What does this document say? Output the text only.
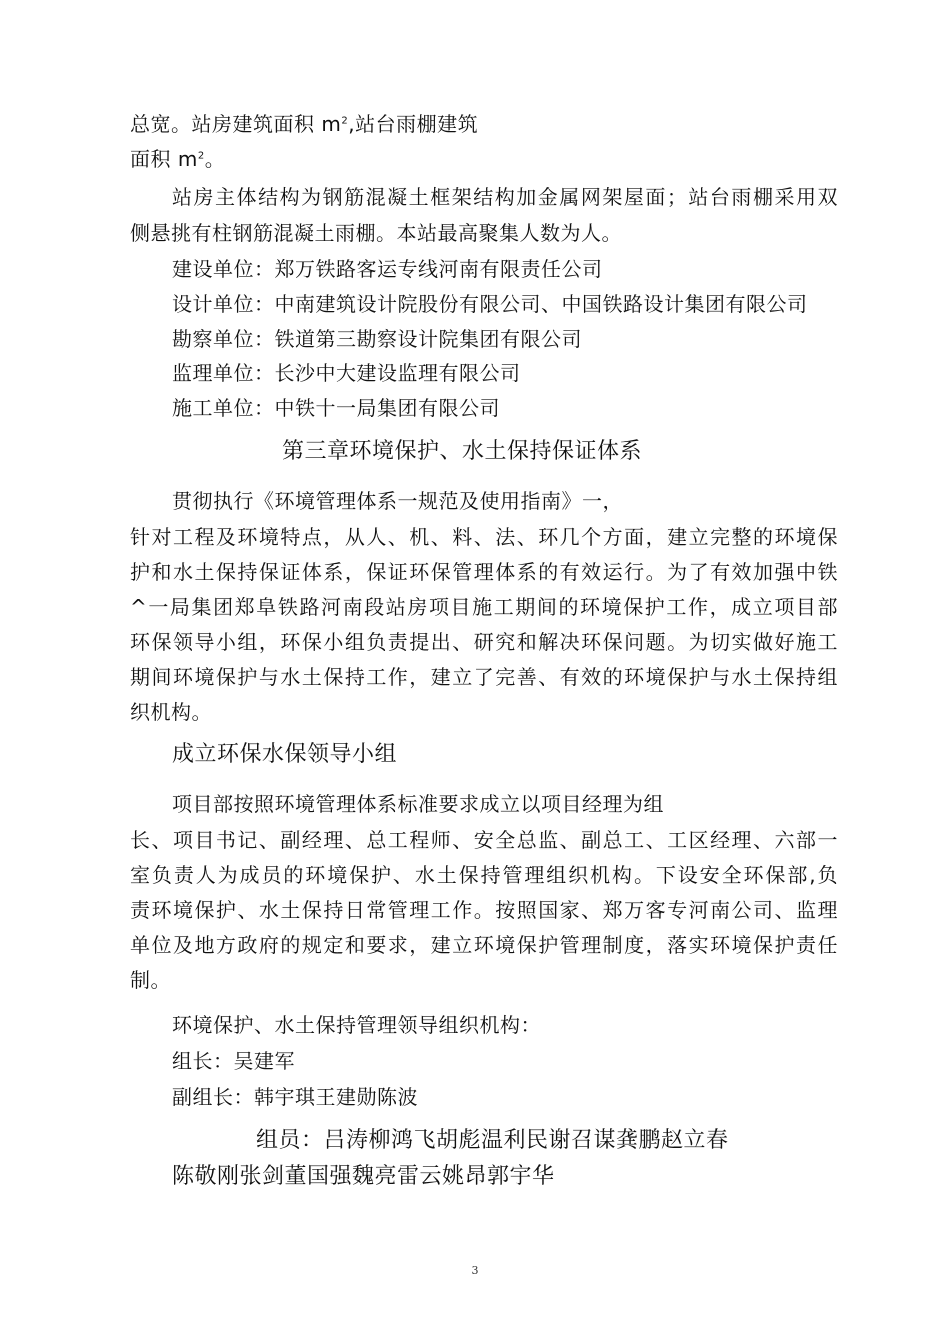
总宽。站房建筑面积 $m^2$,站台雨棚建筑
面积 $m^2$。
站房主体结构为钢筋混凝土框架结构加金属网架屋面；站台雨棚采用双
侧悬挑有柱钢筋混凝土雨棚。本站最高聚集人数为人。
建设单位：郑万铁路客运专线河南有限责任公司
设计单位：中南建筑设计院股份有限公司、中国铁路设计集团有限公司
勘察单位：铁道第三勘察设计院集团有限公司
监理单位：长沙中大建设监理有限公司
施工单位：中铁十一局集团有限公司
第三章环境保护、水土保持保证体系
贯彻执行《环境管理体系一规范及使用指南》一，
针对工程及环境特点，从人、机、料、法、环几个方面，建立完整的环境保
护和水土保持保证体系，保证环保管理体系的有效运行。为了有效加强中铁
^一局集团郑阜铁路河南段站房项目施工期间的环境保护工作，成立项目部
环保领导小组，环保小组负责提出、研究和解决环保问题。为切实做好施工
期间环境保护与水土保持工作，建立了完善、有效的环境保护与水土保持组
织机构。
成立环保水保领导小组
项目部按照环境管理体系标准要求成立以项目经理为组
长、项目书记、副经理、总工程师、安全总监、副总工、工区经理、六部一
室负责人为成员的环境保护、水土保持管理组织机构。下设安全环保部,负
责环境保护、水土保持日常管理工作。按照国家、郑万客专河南公司、监理
单位及地方政府的规定和要求，建立环境保护管理制度，落实环境保护责任
制。
环境保护、水土保持管理领导组织机构：
组长：吴建军
副组长：韩宇琪王建勋陈波
组员：吕涛柳鸿飞胡彪温利民谢召谋龚鹏赵立春
陈敬刚张剑董国强魏亮雷云姚昂郭宇华
3
